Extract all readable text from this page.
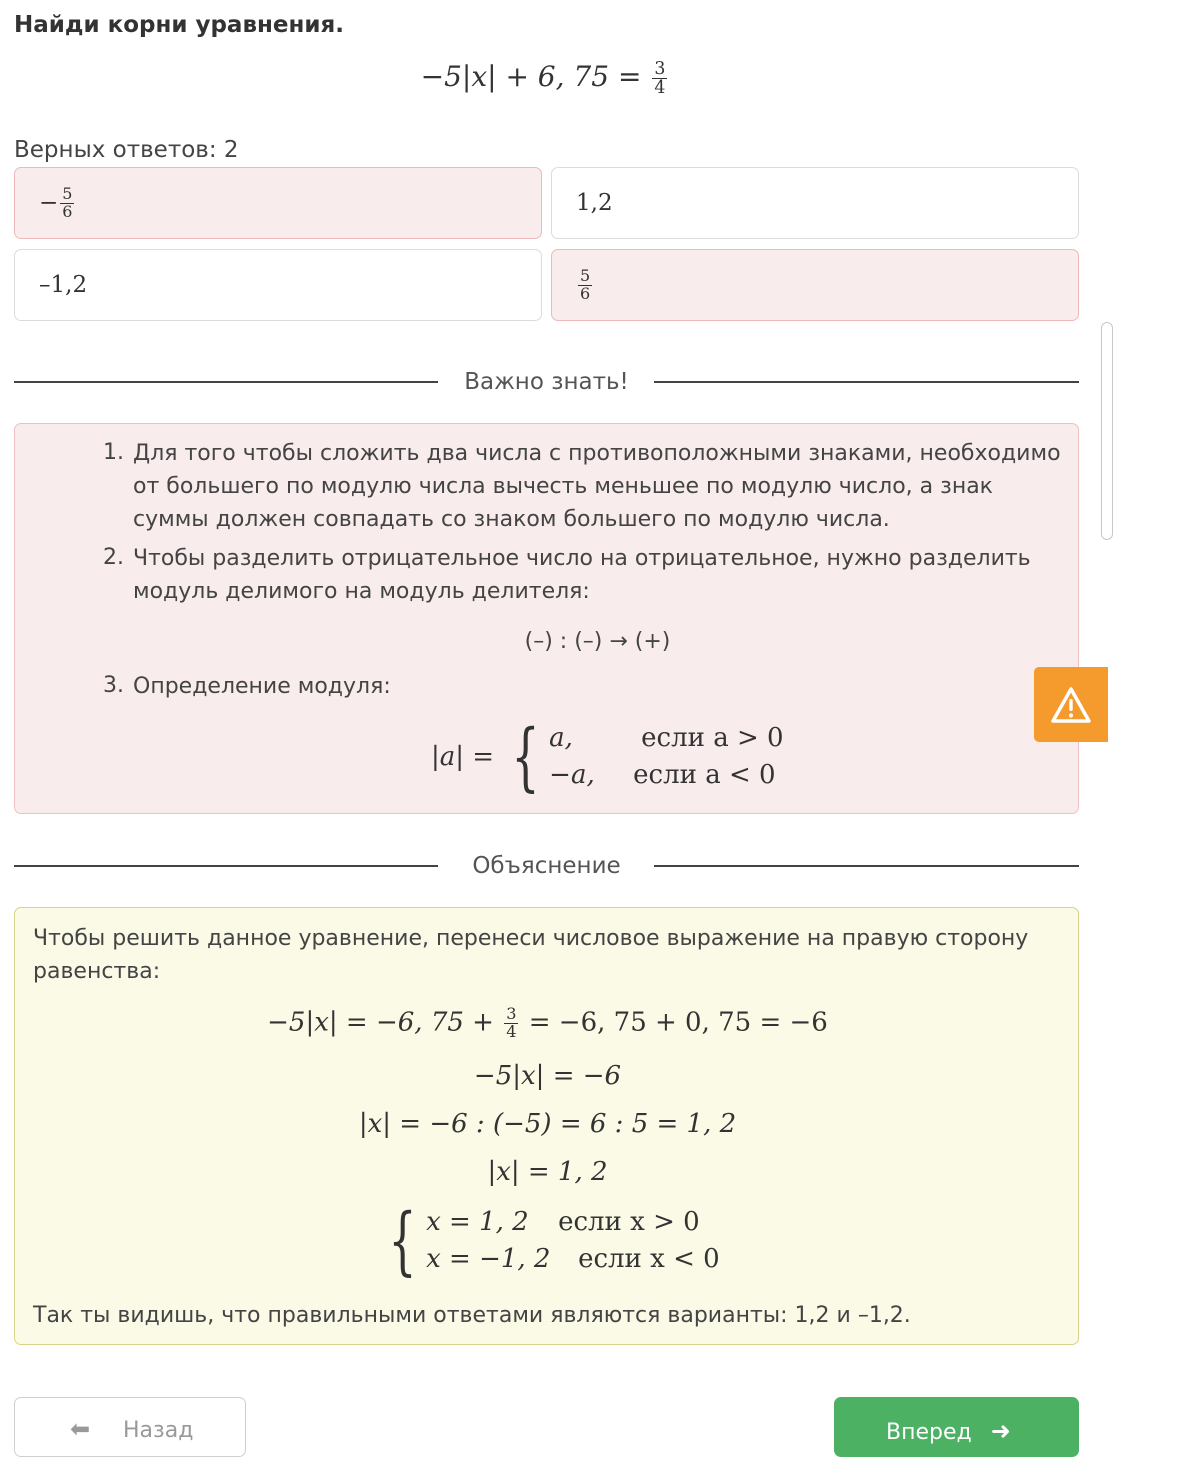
Найди корни уравнения.
−5|x| + 6, $75 = \frac{3}{4}$
Верных ответов: 2
− $\frac{5}{6}$	1,2
–1,2	$\frac{5}{6}$
Важно знать!
1. Для того чтобы сложить два числа с противоположными знаками, необходимо от большего по модулю числа вычесть меньшее по модулю число, а знак суммы должен совпадать со знаком большего по модулю числа.
2. Чтобы разделить отрицательное число на отрицательное, нужно разделить модуль делимого на модуль делителя:
(–) : (–) → (+)
3. Определение модуля:
|a| = { a,	если a > 0
−a,	если a < 0
Объяснение
Чтобы решить данное уравнение, перенеси числовое выражение на правую сторону равенства:
−5|x| = −6, $75 + \frac{3}{4} = -6$, 75 + 0, 75 = −6
−5|x| = −6
|x| = −6 : (−5) = 6 : 5 = 1, 2
|x| = 1, 2
{ x = 1, 2	если x > 0
x = −1, 2	если x < 0
Так ты видишь, что правильными ответами являются варианты: 1,2 и –1,2.
⬅ Назад	Вперед ➜
